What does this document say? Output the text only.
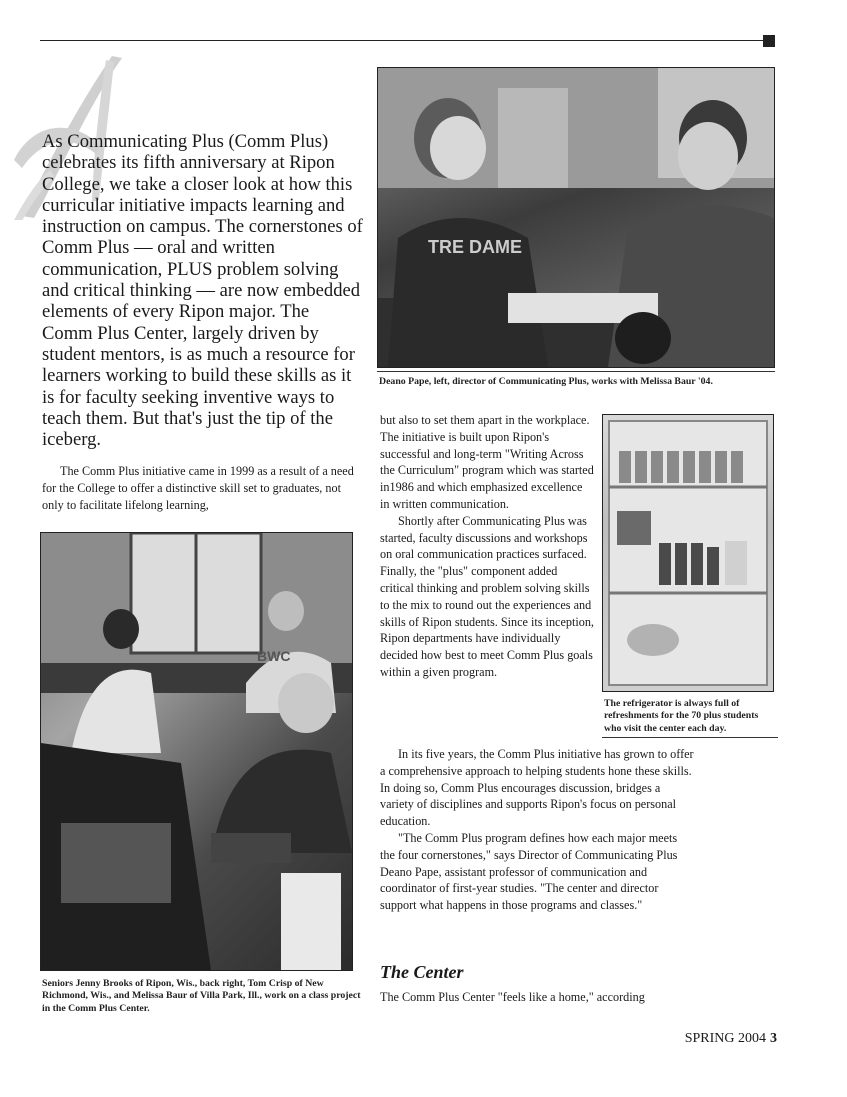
As Communicating Plus (Comm Plus) celebrates its fifth anniversary at Ripon College, we take a closer look at how this curricular initiative impacts learning and instruction on campus. The cornerstones of Comm Plus — oral and written communication, PLUS problem solving and critical thinking — are now embedded elements of every Ripon major. The Comm Plus Center, largely driven by student mentors, is as much a resource for learners working to build these skills as it is for faculty seeking inventive ways to teach them. But that's just the tip of the iceberg.

The Comm Plus initiative came in 1999 as a result of a need for the College to offer a distinctive skill set to graduates, not only to facilitate lifelong learning,

TRE DAME

Deano Pape, left, director of Communicating Plus, works with Melissa Baur '04.

but also to set them apart in the workplace. The initiative is built upon Ripon's successful and long-term "Writing Across the Curriculum" program which was started in1986 and which emphasized excellence in written communication.

Shortly after Communicating Plus was started, faculty discussions and workshops on oral communication practices surfaced. Finally, the "plus" component added critical thinking and problem solving skills to the mix to round out the experiences and skills of Ripon students. Since its inception, Ripon departments have individually decided how best to meet Comm Plus goals within a given program.

The refrigerator is always full of refreshments for the 70 plus students who visit the center each day.

BWC

Seniors Jenny Brooks of Ripon, Wis., back right, Tom Crisp of New Richmond, Wis., and Melissa Baur of Villa Park, Ill., work on a class project in the Comm Plus Center.

In its five years, the Comm Plus initiative has grown to offer a comprehensive approach to helping students hone these skills. In doing so, Comm Plus encourages discussion, bridges a variety of disciplines and supports Ripon's focus on personal education.

"The Comm Plus program defines how each major meets the four cornerstones," says Director of Communicating Plus Deano Pape, assistant professor of communication and coordinator of first-year studies. "The center and director support what happens in those programs and classes."

The Center

The Comm Plus Center "feels like a home," according

SPRING 2004 3
